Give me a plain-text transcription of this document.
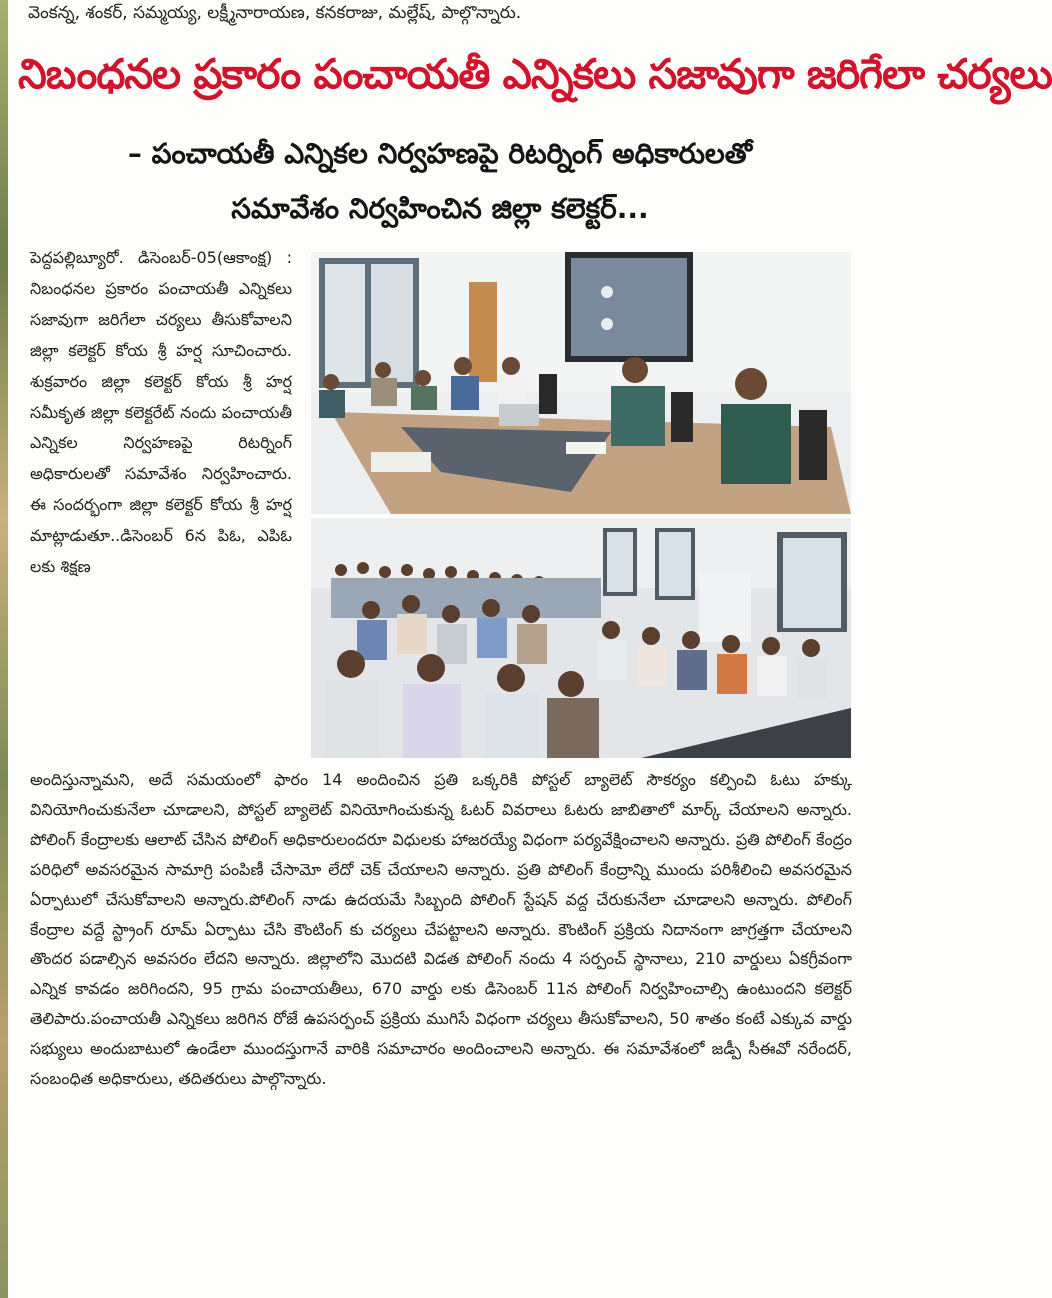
వెంకన్న, శంకర్, సమ్మయ్య, లక్ష్మీనారాయణ, కనకరాజు, మల్లేష్, పాల్గొన్నారు.
నిబంధనల ప్రకారం పంచాయతీ ఎన్నికలు సజావుగా జరిగేలా చర్యలు
– పంచాయతీ ఎన్నికల నిర్వహణపై రిటర్నింగ్ అధికారులతో
సమావేశం నిర్వహించిన జిల్లా కలెక్టర్...
పెద్దపల్లిబ్యూరో. డిసెంబర్-05(ఆకాంక్ష) : నిబంధనల ప్రకారం పంచాయతీ ఎన్నికలు సజావుగా జరిగేలా చర్యలు తీసుకోవాలని జిల్లా కలెక్టర్ కోయ శ్రీ హర్ష సూచించారు. శుక్రవారం జిల్లా కలెక్టర్ కోయ శ్రీ హర్ష సమీకృత జిల్లా కలెక్టరేట్ నందు పంచాయతీ ఎన్నికల నిర్వహణపై రిటర్నింగ్ అధికారులతో సమావేశం నిర్వహించారు. ఈ సందర్భంగా జిల్లా కలెక్టర్ కోయ శ్రీ హర్ష మాట్లాడుతూ..డిసెంబర్ 6న పిఓ, ఎపిఓ లకు శిక్షణ
అందిస్తున్నామని, అదే సమయంలో ఫారం 14 అందించిన ప్రతి ఒక్కరికి పోస్టల్ బ్యాలెట్ సౌకర్యం కల్పించి ఓటు హక్కు వినియోగించుకునేలా చూడాలని, పోస్టల్ బ్యాలెట్ వినియోగించుకున్న ఓటర్ వివరాలు ఓటరు జాబితాలో మార్క్ చేయాలని అన్నారు. పోలింగ్ కేంద్రాలకు ఆలాట్ చేసిన పోలింగ్ అధికారులందరూ విధులకు హాజరయ్యే విధంగా పర్యవేక్షించాలని అన్నారు. ప్రతి పోలింగ్ కేంద్రం పరిధిలో అవసరమైన సామాగ్రి పంపిణీ చేసామో లేదో చెక్ చేయాలని అన్నారు. ప్రతి పోలింగ్ కేంద్రాన్ని ముందు పరిశీలించి అవసరమైన ఏర్పాటులో చేసుకోవాలని అన్నారు.పోలింగ్ నాడు ఉదయమే సిబ్బంది పోలింగ్ స్టేషన్ వద్ద చేరుకునేలా చూడాలని అన్నారు. పోలింగ్ కేంద్రాల వద్దే స్ట్రాంగ్ రూమ్ ఏర్పాటు చేసి కౌంటింగ్ కు చర్యలు చేపట్టాలని అన్నారు. కౌంటింగ్ ప్రక్రియ నిదానంగా జాగ్రత్తగా చేయాలని తొందర పడాల్సిన అవసరం లేదని అన్నారు. జిల్లాలోని మొదటి విడత పోలింగ్ నందు 4 సర్పంచ్ స్థానాలు, 210 వార్డులు ఏకగ్రీవంగా ఎన్నిక కావడం జరిగిందని, 95 గ్రామ పంచాయతీలు, 670 వార్డు లకు డిసెంబర్ 11న పోలింగ్ నిర్వహించాల్సి ఉంటుందని కలెక్టర్ తెలిపారు.పంచాయతీ ఎన్నికలు జరిగిన రోజే ఉపసర్పంచ్ ప్రక్రియ ముగిసే విధంగా చర్యలు తీసుకోవాలని, 50 శాతం కంటే ఎక్కువ వార్డు సభ్యులు అందుబాటులో ఉండేలా ముందస్తుగానే వారికి సమాచారం అందించాలని అన్నారు. ఈ సమావేశంలో జడ్పీ సీఈవో నరేందర్, సంబంధిత అధికారులు, తదితరులు పాల్గొన్నారు.
